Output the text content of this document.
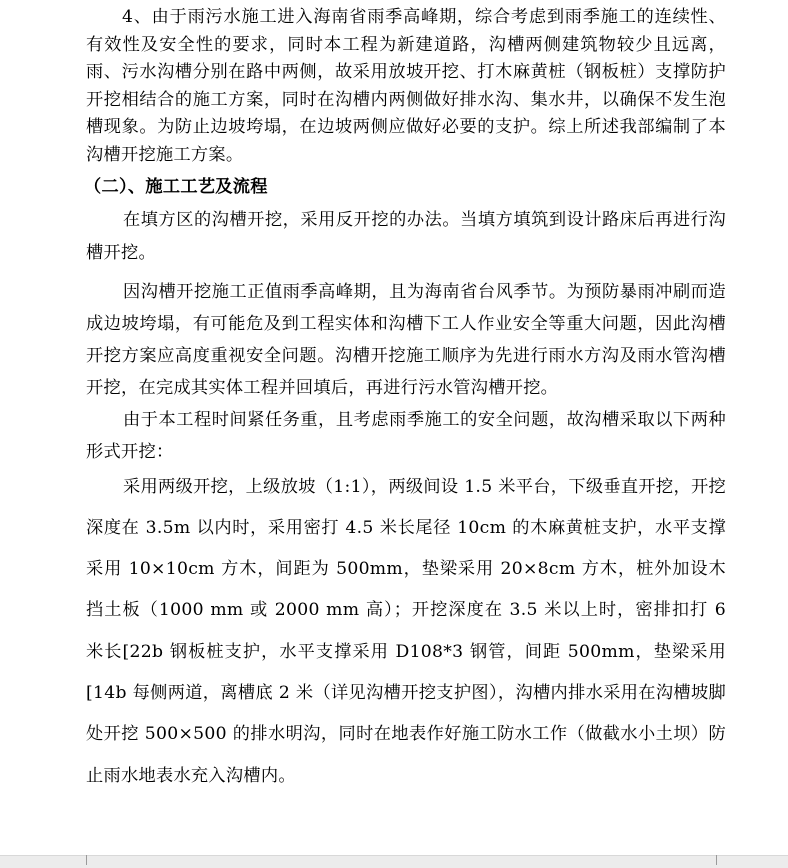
4、由于雨污水施工进入海南省雨季高峰期，综合考虑到雨季施工的连续性、有效性及安全性的要求，同时本工程为新建道路，沟槽两侧建筑物较少且远离，雨、污水沟槽分别在路中两侧，故采用放坡开挖、打木麻黄桩（钢板桩）支撑防护开挖相结合的施工方案，同时在沟槽内两侧做好排水沟、集水井，以确保不发生泡槽现象。为防止边坡垮塌，在边坡两侧应做好必要的支护。综上所述我部编制了本沟槽开挖施工方案。

（二）、施工工艺及流程

在填方区的沟槽开挖，采用反开挖的办法。当填方填筑到设计路床后再进行沟槽开挖。

因沟槽开挖施工正值雨季高峰期，且为海南省台风季节。为预防暴雨冲刷而造成边坡垮塌，有可能危及到工程实体和沟槽下工人作业安全等重大问题，因此沟槽开挖方案应高度重视安全问题。沟槽开挖施工顺序为先进行雨水方沟及雨水管沟槽开挖，在完成其实体工程并回填后，再进行污水管沟槽开挖。

由于本工程时间紧任务重，且考虑雨季施工的安全问题，故沟槽采取以下两种形式开挖：

采用两级开挖，上级放坡（1:1），两级间设 1.5 米平台，下级垂直开挖，开挖深度在 3.5m 以内时，采用密打 4.5 米长尾径 10cm 的木麻黄桩支护，水平支撑采用 10×10cm 方木，间距为 500mm，垫梁采用 20×8cm 方木，桩外加设木挡土板（1000 mm 或 2000 mm 高）；开挖深度在 3.5 米以上时，密排扣打 6 米长[22b 钢板桩支护，水平支撑采用 D108*3 钢管，间距 500mm，垫梁采用 [14b 每侧两道，离槽底 2 米（详见沟槽开挖支护图），沟槽内排水采用在沟槽坡脚处开挖 500×500 的排水明沟，同时在地表作好施工防水工作（做截水小土坝）防止雨水地表水充入沟槽内。
